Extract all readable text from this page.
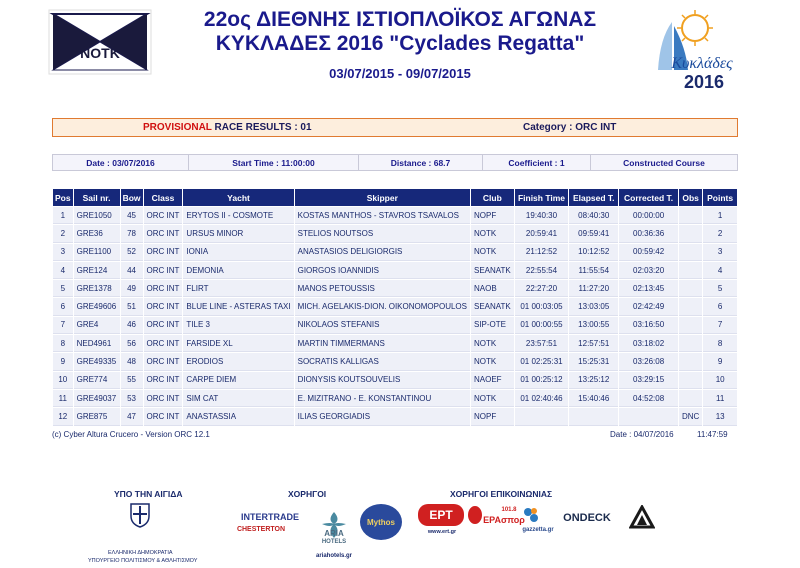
NOTK
22ος ΔΙΕΘΝΗΣ ΙΣΤΙΟΠΛΟΪΚΟΣ ΑΓΩΝΑΣ
ΚΥΚΛΑΔΕΣ 2016 "Cyclades Regatta"
03/07/2015 - 09/07/2015
Κυκλάδες
2016
PROVISIONAL RACE RESULTS : 01	Category : ORC INT
Date : 03/07/2016	Start Time : 11:00:00	Distance : 68.7	Coefficient : 1	Constructed Course
Pos	Sail nr.	Bow	Class	Yacht	Skipper	Club	Finish Time	Elapsed T.	Corrected T.	Obs	Points
1	GRE1050	45	ORC INT	ERYTOS II - COSMOTE	KOSTAS MANTHOS - STAVROS TSAVALOS	NOPF	19:40:30	08:40:30	00:00:00		1
2	GRE36	78	ORC INT	URSUS MINOR	STELIOS NOUTSOS	NOTK	20:59:41	09:59:41	00:36:36		2
3	GRE1100	52	ORC INT	IONIA	ANASTASIOS DELIGIORGIS	NOTK	21:12:52	10:12:52	00:59:42		3
4	GRE124	44	ORC INT	DEMONIA	GIORGOS IOANNIDIS	SEANATK	22:55:54	11:55:54	02:03:20		4
5	GRE1378	49	ORC INT	FLIRT	MANOS PETOUSSIS	NAOB	22:27:20	11:27:20	02:13:45		5
6	GRE49606	51	ORC INT	BLUE LINE - ASTERAS TAXI	MICH. AGELAKIS-DION. OIKONOMOPOULOS	SEANATK	01 00:03:05	13:03:05	02:42:49		6
7	GRE4	46	ORC INT	TILE 3	NIKOLAOS STEFANIS	SIP-OTE	01 00:00:55	13:00:55	03:16:50		7
8	NED4961	56	ORC INT	FARSIDE XL	MARTIN TIMMERMANS	NOTK	23:57:51	12:57:51	03:18:02		8
9	GRE49335	48	ORC INT	ERODIOS	SOCRATIS KALLIGAS	NOTK	01 02:25:31	15:25:31	03:26:08		9
10	GRE774	55	ORC INT	CARPE DIEM	DIONYSIS KOUTSOUVELIS	NAOEF	01 00:25:12	13:25:12	03:29:15		10
11	GRE49037	53	ORC INT	SIM CAT	E. MIZITRANO - E. KONSTANTINOU	NOTK	01 02:40:46	15:40:46	04:52:08		11
12	GRE875	47	ORC INT	ANASTASSIA	ILIAS GEORGIADIS	NOPF				DNC	13
(c) Cyber Altura Crucero - Version ORC 12.1	Date : 04/07/2016	11:47:59
ΥΠΟ ΤΗΝ ΑΙΓΙΔΑ
ΕΛΛΗΝΙΚΗ ΔΗΜΟΚΡΑΤΙΑ
ΥΠΟΥΡΓΕΙΟ ΠΟΛΙΤΙΣΜΟΥ & ΑΘΛΗΤΙΣΜΟΥ
ΧΟΡΗΓΟΙ
INTERTRADE
CHESTERTON	ARIA
HOTELS
ariahotels.gr
Mythos
ΧΟΡΗΓΟΙ ΕΠΙΚΟΙΝΩΝΙΑΣ
ΕΡΤ
www.ert.gr
101.8
ΕΡΑσπορ
gazzetta.gr
ONDECK
